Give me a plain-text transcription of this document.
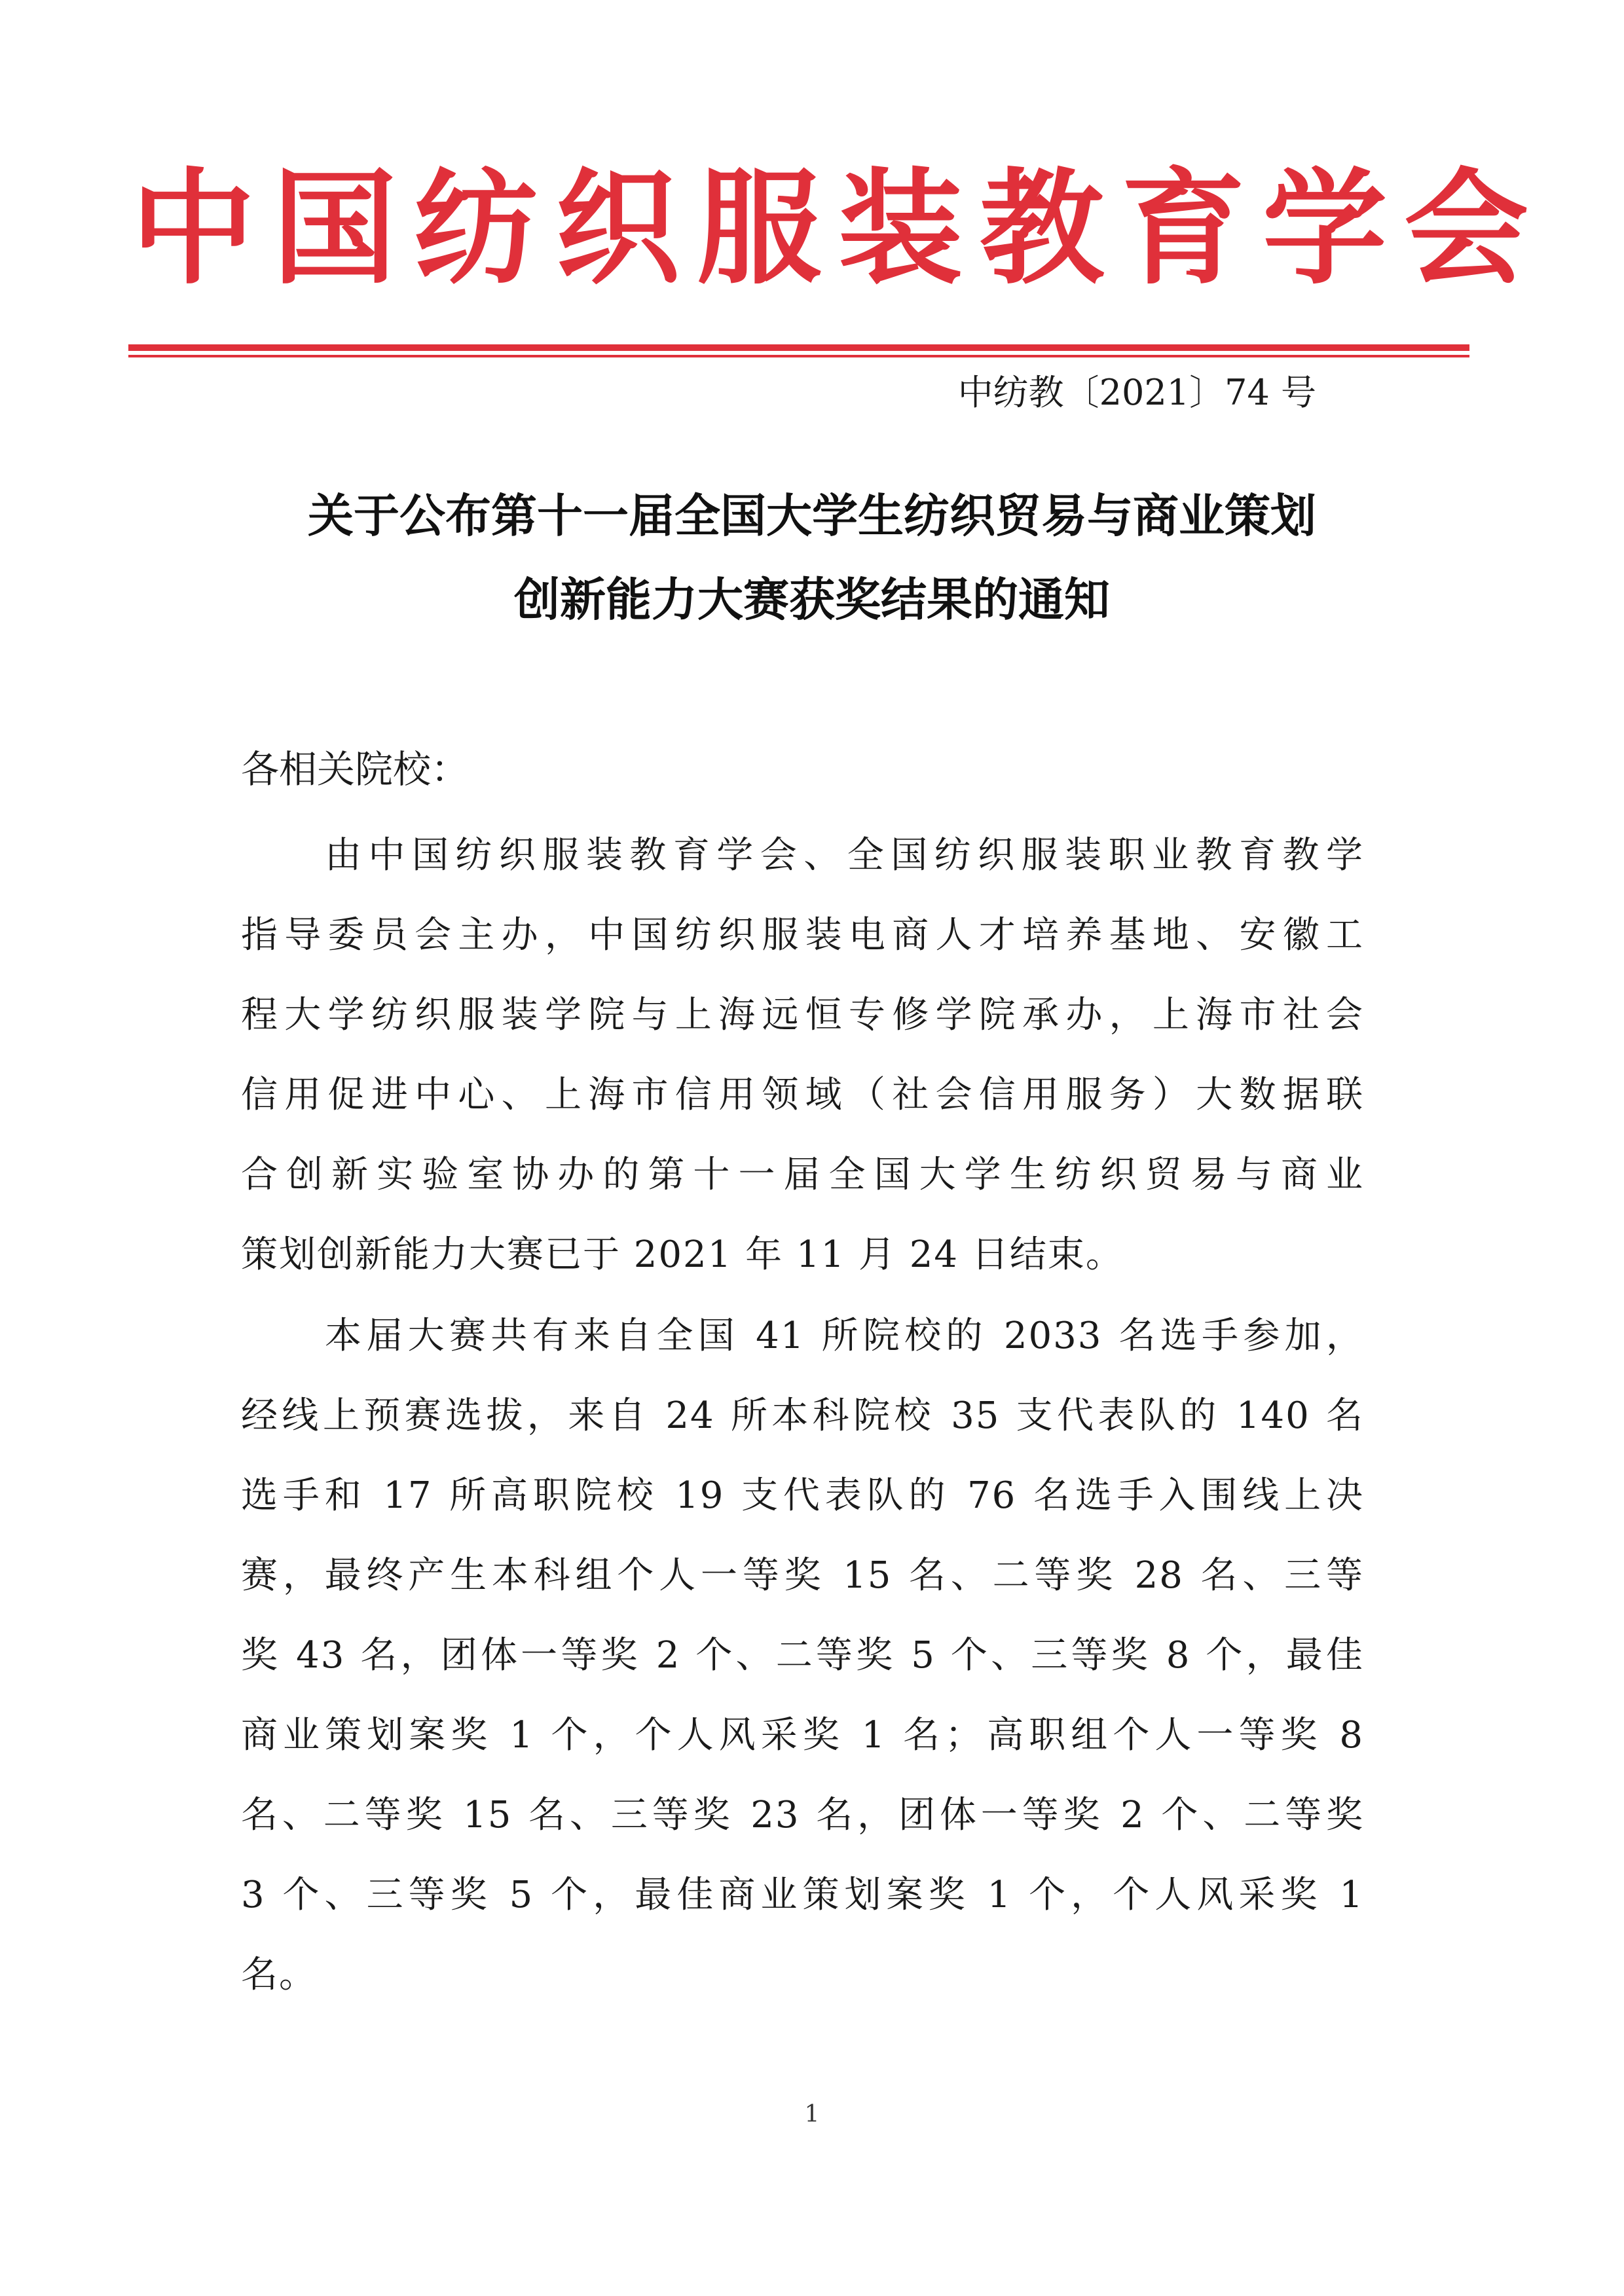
中国纺织服装教育学会
中纺教〔2021〕74 号
关于公布第十一届全国大学生纺织贸易与商业策划
创新能力大赛获奖结果的通知
各相关院校：
由中国纺织服装教育学会、全国纺织服装职业教育教学
指导委员会主办，中国纺织服装电商人才培养基地、安徽工
程大学纺织服装学院与上海远恒专修学院承办，上海市社会
信用促进中心、上海市信用领域（社会信用服务）大数据联
合创新实验室协办的第十一届全国大学生纺织贸易与商业
策划创新能力大赛已于 2021 年 11 月 24 日结束。
本届大赛共有来自全国 41 所院校的 2033 名选手参加，
经线上预赛选拔，来自 24 所本科院校 35 支代表队的 140 名
选手和 17 所高职院校 19 支代表队的 76 名选手入围线上决
赛，最终产生本科组个人一等奖 15 名、二等奖 28 名、三等
奖 43 名，团体一等奖 2 个、二等奖 5 个、三等奖 8 个，最佳
商业策划案奖 1 个，个人风采奖 1 名；高职组个人一等奖 8
名、二等奖 15 名、三等奖 23 名，团体一等奖 2 个、二等奖
3 个、三等奖 5 个，最佳商业策划案奖 1 个，个人风采奖 1
名。
1
